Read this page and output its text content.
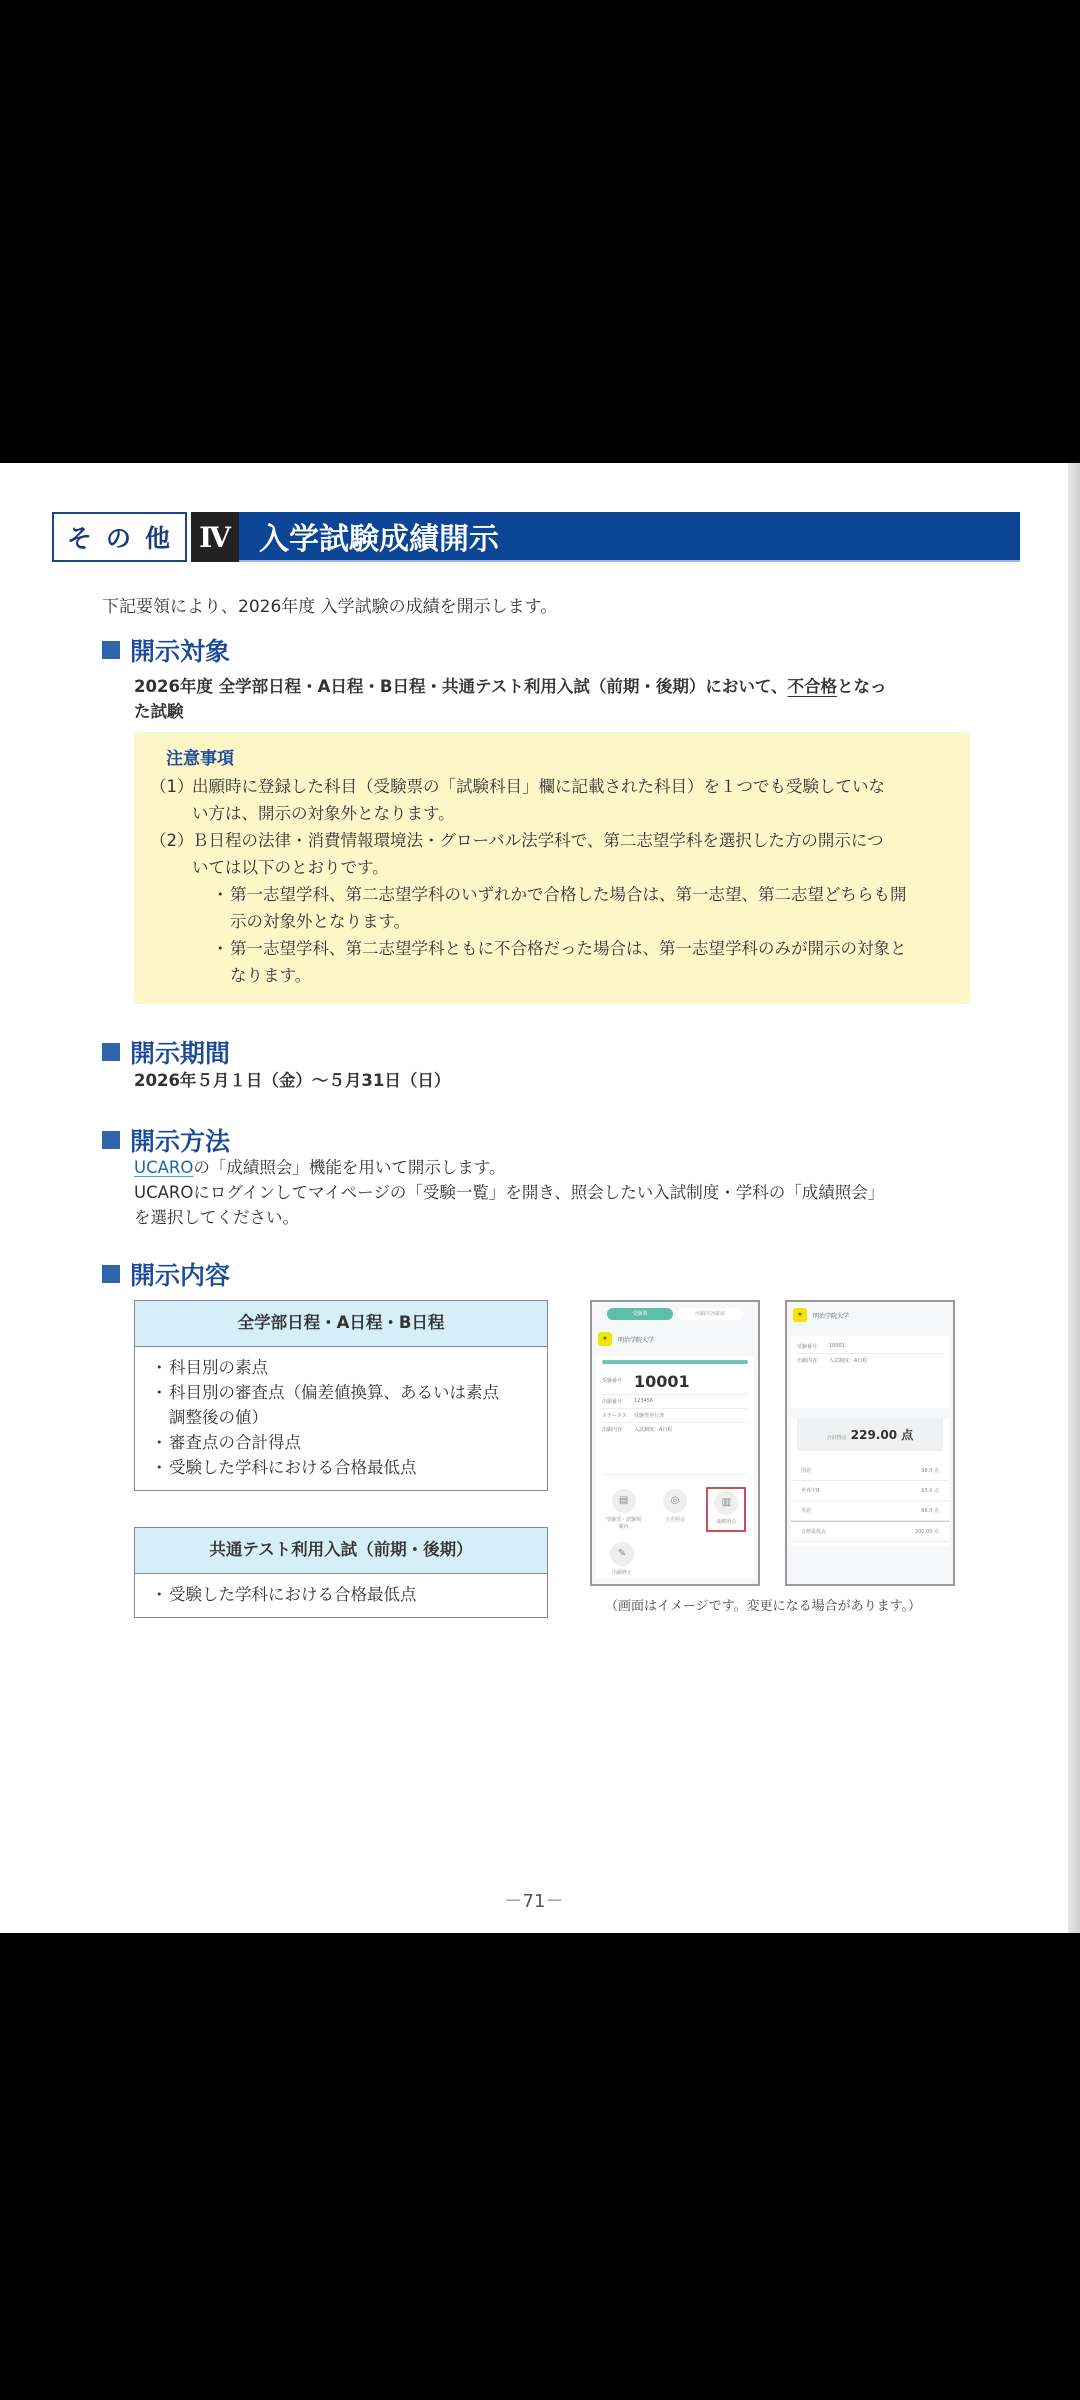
その他 Ⅳ 入学試験成績開示
下記要領により、2026年度 入学試験の成績を開示します。
開示対象
2026年度 全学部日程・A日程・B日程・共通テスト利用入試（前期・後期）において、不合格となっ
た試験
注意事項
（1）
出願時に登録した科目（受験票の「試験科目」欄に記載された科目）を１つでも受験していな
い方は、開示の対象外となります。
（2）
Ｂ日程の法律・消費情報環境法・グローバル法学科で、第二志望学科を選択した方の開示につ
いては以下のとおりです。
・ 第一志望学科、第二志望学科のいずれかで合格した場合は、第一志望、第二志望どちらも開
示の対象外となります。
・ 第一志望学科、第二志望学科ともに不合格だった場合は、第一志望学科のみが開示の対象と
なります。
開示期間
2026年５月１日（金）～５月31日（日）
開示方法
UCAROの「成績照会」機能を用いて開示します。
UCAROにログインしてマイページの「受験一覧」を開き、照会したい入試制度・学科の「成績照会」
を選択してください。
開示内容
全学部日程・A日程・B日程
・ 科目別の素点
・ 科目別の審査点（偏差値換算、あるいは素点
調整後の値）
・ 審査点の合計得点
・ 受験した学科における合格最低点
共通テスト利用入試（前期・後期）
・ 受験した学科における合格最低点
受験票	出願内容確認
★	明治学院大学
受験番号 10001
出願番号	123456
ステータス	受験票発行済
出願内容	入試制度：A日程
▤
受験票・試験場案内
◎
合否照会
▥
成績照会
✎
出願修正
★	明治学院大学
受験番号	10001
出願内容	入試制度：A日程
合計得点 229.00 点
国語	98.0 点
世界史B	65.0 点
英語	66.0 点
合格最低点	200.00 点
（画面はイメージです。変更になる場合があります。）
－71－
